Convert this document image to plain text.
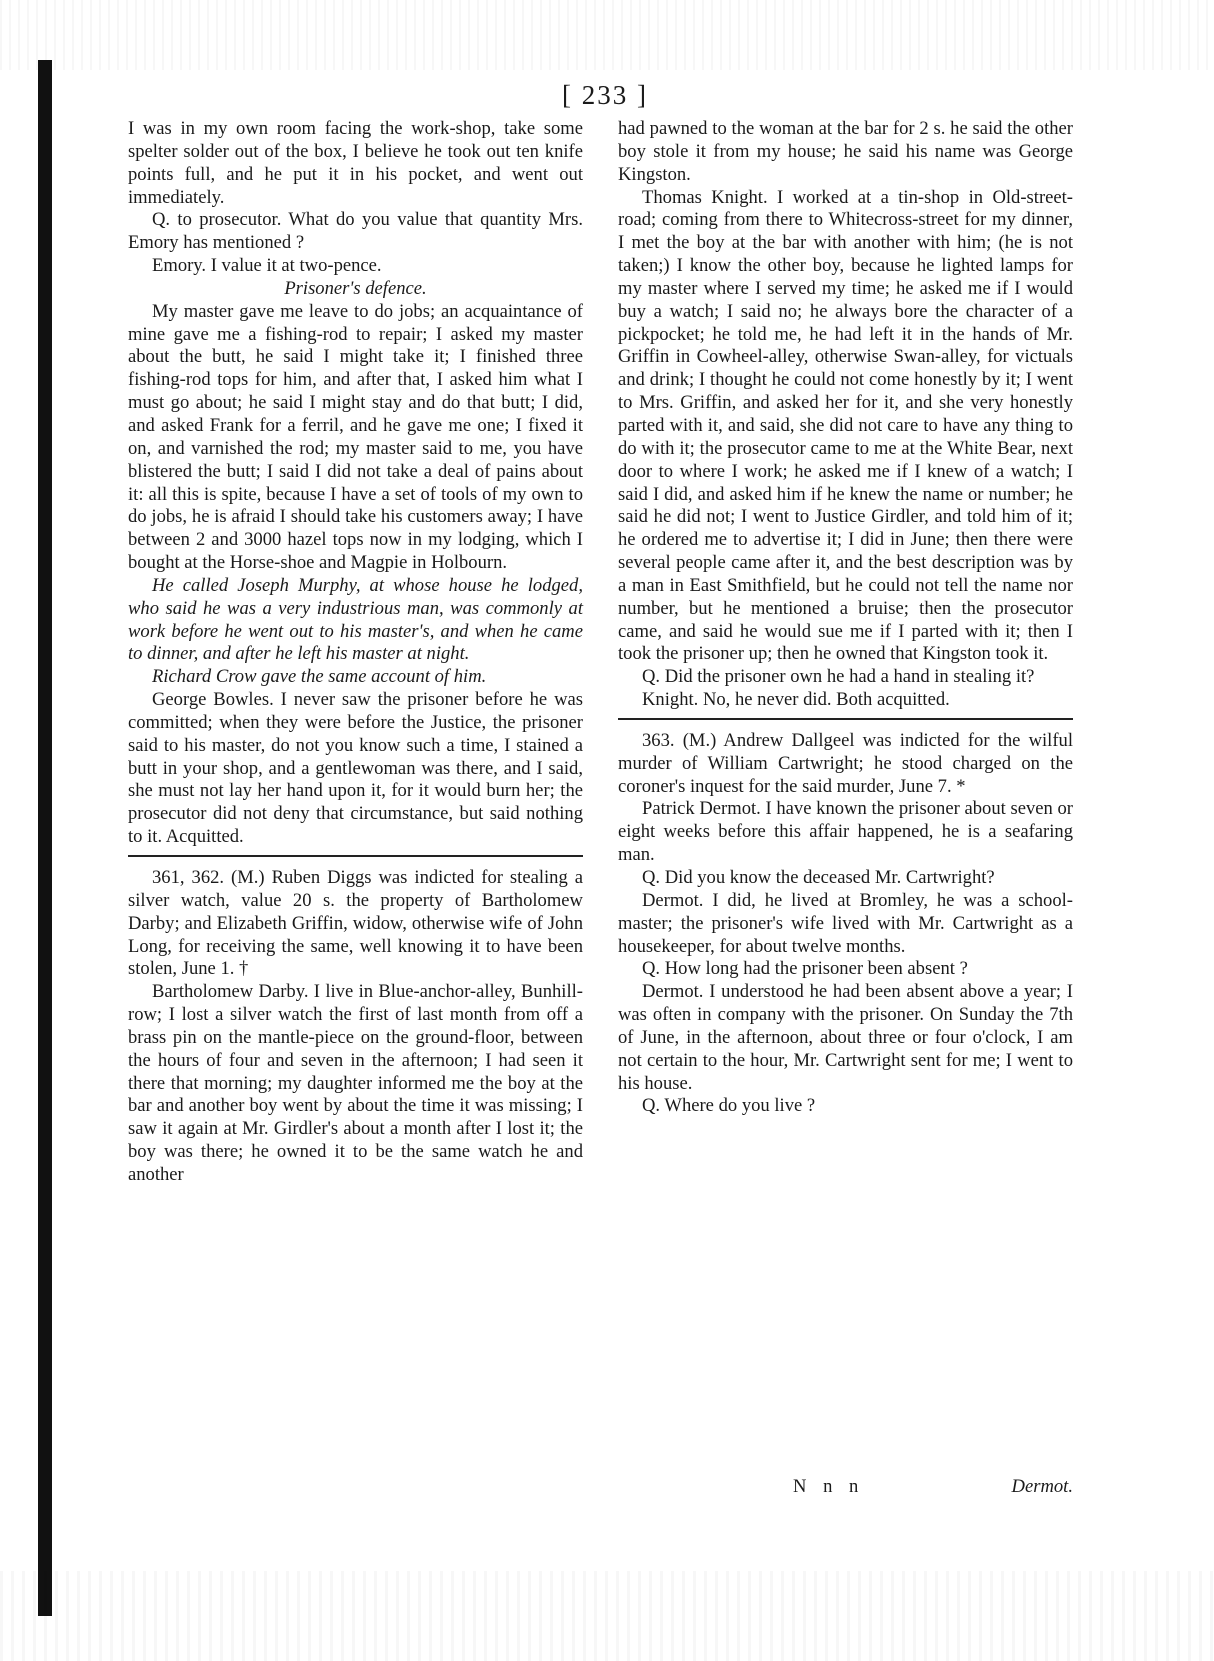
[ 233 ]

I was in my own room facing the work-shop, take some spelter solder out of the box, I believe he took out ten knife points full, and he put it in his pocket, and went out immediately.

Q. to prosecutor. What do you value that quantity Mrs. Emory has mentioned ?

Emory. I value it at two-pence.

Prisoner's defence.

My master gave me leave to do jobs; an acquaintance of mine gave me a fishing-rod to repair; I asked my master about the butt, he said I might take it; I finished three fishing-rod tops for him, and after that, I asked him what I must go about; he said I might stay and do that butt; I did, and asked Frank for a ferril, and he gave me one; I fixed it on, and varnished the rod; my master said to me, you have blistered the butt; I said I did not take a deal of pains about it: all this is spite, because I have a set of tools of my own to do jobs, he is afraid I should take his customers away; I have between 2 and 3000 hazel tops now in my lodging, which I bought at the Horse-shoe and Magpie in Holbourn.

He called Joseph Murphy, at whose house he lodged, who said he was a very industrious man, was commonly at work before he went out to his master's, and when he came to dinner, and after he left his master at night.

Richard Crow gave the same account of him.

George Bowles. I never saw the prisoner before he was committed; when they were before the Justice, the prisoner said to his master, do not you know such a time, I stained a butt in your shop, and a gentlewoman was there, and I said, she must not lay her hand upon it, for it would burn her; the prosecutor did not deny that circumstance, but said nothing to it. Acquitted.

361, 362. (M.) Ruben Diggs was indicted for stealing a silver watch, value 20 s. the property of Bartholomew Darby; and Elizabeth Griffin, widow, otherwise wife of John Long, for receiving the same, well knowing it to have been stolen, June 1. †

Bartholomew Darby. I live in Blue-anchor-alley, Bunhill-row; I lost a silver watch the first of last month from off a brass pin on the mantle-piece on the ground-floor, between the hours of four and seven in the afternoon; I had seen it there that morning; my daughter informed me the boy at the bar and another boy went by about the time it was missing; I saw it again at Mr. Girdler's about a month after I lost it; the boy was there; he owned it to be the same watch he and another

had pawned to the woman at the bar for 2 s. he said the other boy stole it from my house; he said his name was George Kingston.

Thomas Knight. I worked at a tin-shop in Old-street-road; coming from there to Whitecross-street for my dinner, I met the boy at the bar with another with him; (he is not taken;) I know the other boy, because he lighted lamps for my master where I served my time; he asked me if I would buy a watch; I said no; he always bore the character of a pickpocket; he told me, he had left it in the hands of Mr. Griffin in Cowheel-alley, otherwise Swan-alley, for victuals and drink; I thought he could not come honestly by it; I went to Mrs. Griffin, and asked her for it, and she very honestly parted with it, and said, she did not care to have any thing to do with it; the prosecutor came to me at the White Bear, next door to where I work; he asked me if I knew of a watch; I said I did, and asked him if he knew the name or number; he said he did not; I went to Justice Girdler, and told him of it; he ordered me to advertise it; I did in June; then there were several people came after it, and the best description was by a man in East Smithfield, but he could not tell the name nor number, but he mentioned a bruise; then the prosecutor came, and said he would sue me if I parted with it; then I took the prisoner up; then he owned that Kingston took it.

Q. Did the prisoner own he had a hand in stealing it?

Knight. No, he never did. Both acquitted.

363. (M.) Andrew Dallgeel was indicted for the wilful murder of William Cartwright; he stood charged on the coroner's inquest for the said murder, June 7. *

Patrick Dermot. I have known the prisoner about seven or eight weeks before this affair happened, he is a seafaring man.

Q. Did you know the deceased Mr. Cartwright?

Dermot. I did, he lived at Bromley, he was a school-master; the prisoner's wife lived with Mr. Cartwright as a housekeeper, for about twelve months.

Q. How long had the prisoner been absent ?

Dermot. I understood he had been absent above a year; I was often in company with the prisoner. On Sunday the 7th of June, in the afternoon, about three or four o'clock, I am not certain to the hour, Mr. Cartwright sent for me; I went to his house.

Q. Where do you live ?

N n n	Dermot.
